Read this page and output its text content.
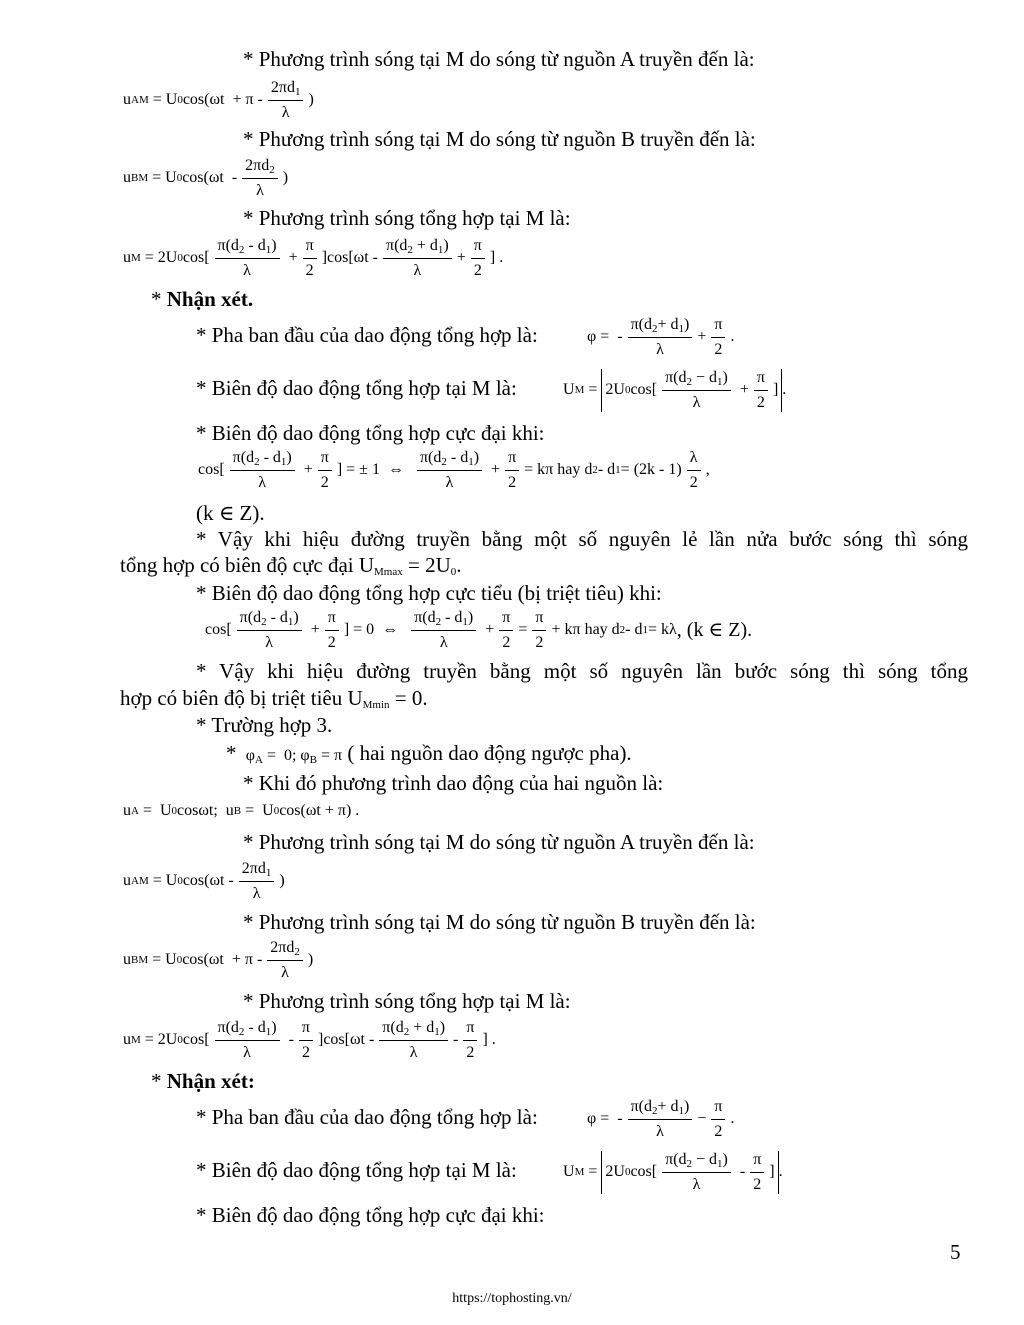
* Phương trình sóng tại M do sóng từ nguồn A truyền đến là:
u AM = U 0 $\cos(\omega t + \pi - \frac{2\pi d_1}{\lambda}$ )
* Phương trình sóng tại M do sóng từ nguồn B truyền đến là:
u BM = U 0 $\cos(\omega t - \frac{2\pi d_2}{\lambda}$ )
* Phương trình sóng tổng hợp tại M là:
u M = 2U 0 $\cos[ \frac{\pi(d_2 - d_1)}{\lambda} + \frac{\pi}{2} ]\cos[\omega t - \frac{\pi(d_2 + d_1)}{\lambda} + \frac{\pi}{2}$ ] .
* Nhận xét.
* Pha ban đầu của dao động tổng hợp là:	φ =  - $\frac{\pi(d_2+ d_1)}{\lambda} + \frac{\pi}{2}$ .
* Biên độ dao động tổng hợp tại M là:	U M = 2U 0 $\cos[ \frac{\pi(d_2 - d_1)}{\lambda} + \frac{\pi}{2}$ ] .
* Biên độ dao động tổng hợp cực đại khi:
$\cos[ \frac{\pi(d_2 - d_1)}{\lambda} + \frac{\pi}{2}$ ] = ± 1  ⇔ $\frac{\pi(d_2 - d_1)}{\lambda} + \frac{\pi}{2} = k\pi$ hay d 2 - d $1 = (2k - 1) \frac{\lambda}{2}$ ,
(k ∈ Z).
* Vậy khi hiệu đường truyền bằng một số nguyên lẻ lần nửa bước sóng thì sóng
tổng hợp có biên độ cực đại $U_{Mmax} = 2U_0$.
* Biên độ dao động tổng hợp cực tiểu (bị triệt tiêu) khi:
$\cos[ \frac{\pi(d_2 - d_1)}{\lambda} + \frac{\pi}{2}$ ] = 0  ⇔ $\frac{\pi(d_2 - d_1)}{\lambda} + \frac{\pi}{2} = \frac{\pi}{2} + k\pi$ hay d 2 - d 1 = kλ , (k ∈ Z).
* Vậy khi hiệu đường truyền bằng một số nguyên lần bước sóng thì sóng tổng
hợp có biên độ bị triệt tiêu $U_{Mmin} = 0$.
* Trường hợp 3.
*  $\varphi_A = 0$; $\varphi_B = \pi$ ( hai nguồn dao động ngược pha).
* Khi đó phương trình dao động của hai nguồn là:
u A =  U 0 cosωt;  u B =  U 0 cos(ωt + π) .
* Phương trình sóng tại M do sóng từ nguồn A truyền đến là:
u AM = U 0 $\cos(\omega t - \frac{2\pi d_1}{\lambda}$ )
* Phương trình sóng tại M do sóng từ nguồn B truyền đến là:
u BM = U 0 $\cos(\omega t + \pi - \frac{2\pi d_2}{\lambda}$ )
* Phương trình sóng tổng hợp tại M là:
u M = 2U 0 $\cos[ \frac{\pi(d_2 - d_1)}{\lambda} - \frac{\pi}{2} ]\cos[\omega t - \frac{\pi(d_2 + d_1)}{\lambda} - \frac{\pi}{2}$ ] .
* Nhận xét:
* Pha ban đầu của dao động tổng hợp là:	φ =  - $\frac{\pi(d_2+ d_1)}{\lambda} - \frac{\pi}{2}$ .
* Biên độ dao động tổng hợp tại M là:	U M = 2U 0 $\cos[ \frac{\pi(d_2 - d_1)}{\lambda} - \frac{\pi}{2}$ ] .
* Biên độ dao động tổng hợp cực đại khi:
5
https://tophosting.vn/
